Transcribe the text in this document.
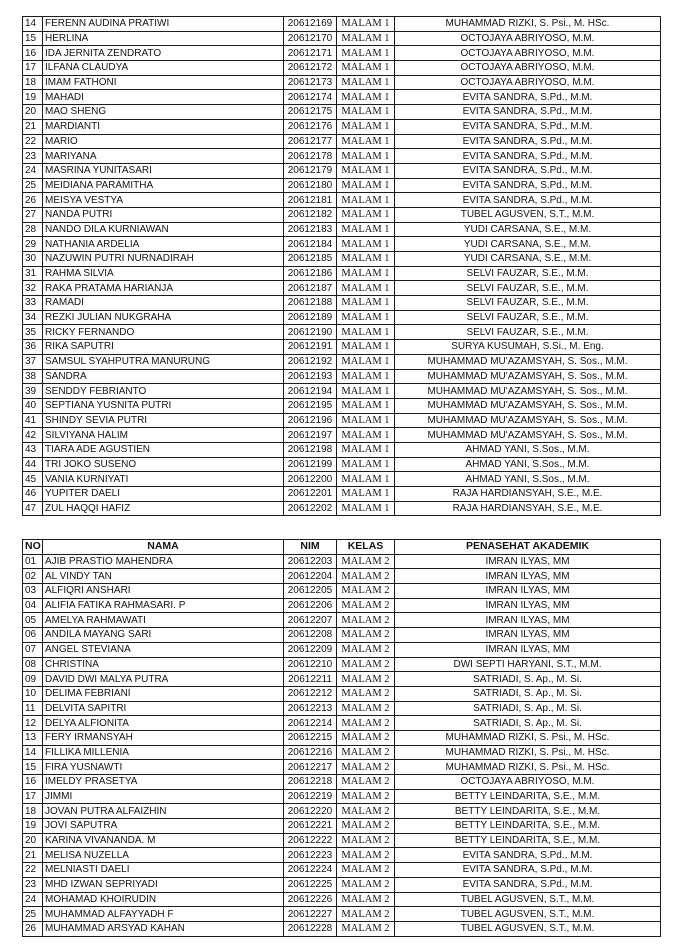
14	FERENN AUDINA PRATIWI	20612169	MALAM 1	MUHAMMAD RIZKI, S. Psi., M. HSc.
15	HERLINA	20612170	MALAM 1	OCTOJAYA ABRIYOSO, M.M.
16	IDA JERNITA ZENDRATO	20612171	MALAM 1	OCTOJAYA ABRIYOSO, M.M.
17	ILFANA CLAUDYA	20612172	MALAM 1	OCTOJAYA ABRIYOSO, M.M.
18	IMAM FATHONI	20612173	MALAM 1	OCTOJAYA ABRIYOSO, M.M.
19	MAHADI	20612174	MALAM 1	EVITA SANDRA, S.Pd., M.M.
20	MAO SHENG	20612175	MALAM 1	EVITA SANDRA, S.Pd., M.M.
21	MARDIANTI	20612176	MALAM 1	EVITA SANDRA, S.Pd., M.M.
22	MARIO	20612177	MALAM 1	EVITA SANDRA, S.Pd., M.M.
23	MARIYANA	20612178	MALAM 1	EVITA SANDRA, S.Pd., M.M.
24	MASRINA YUNITASARI	20612179	MALAM 1	EVITA SANDRA, S.Pd., M.M.
25	MEIDIANA PARAMITHA	20612180	MALAM 1	EVITA SANDRA, S.Pd., M.M.
26	MEISYA VESTYA	20612181	MALAM 1	EVITA SANDRA, S.Pd., M.M.
27	NANDA PUTRI	20612182	MALAM 1	TUBEL AGUSVEN, S.T., M.M.
28	NANDO DILA KURNIAWAN	20612183	MALAM 1	YUDI CARSANA, S.E., M.M.
29	NATHANIA ARDELIA	20612184	MALAM 1	YUDI CARSANA, S.E., M.M.
30	NAZUWIN PUTRI NURNADIRAH	20612185	MALAM 1	YUDI CARSANA, S.E., M.M.
31	RAHMA SILVIA	20612186	MALAM 1	SELVI FAUZAR, S.E., M.M.
32	RAKA PRATAMA HARIANJA	20612187	MALAM 1	SELVI FAUZAR, S.E., M.M.
33	RAMADI	20612188	MALAM 1	SELVI FAUZAR, S.E., M.M.
34	REZKI JULIAN NUKGRAHA	20612189	MALAM 1	SELVI FAUZAR, S.E., M.M.
35	RICKY FERNANDO	20612190	MALAM 1	SELVI FAUZAR, S.E., M.M.
36	RIKA SAPUTRI	20612191	MALAM 1	SURYA KUSUMAH, S.Si., M. Eng.
37	SAMSUL SYAHPUTRA MANURUNG	20612192	MALAM 1	MUHAMMAD MU'AZAMSYAH, S. Sos., M.M.
38	SANDRA	20612193	MALAM 1	MUHAMMAD MU'AZAMSYAH, S. Sos., M.M.
39	SENDDY FEBRIANTO	20612194	MALAM 1	MUHAMMAD MU'AZAMSYAH, S. Sos., M.M.
40	SEPTIANA YUSNITA PUTRI	20612195	MALAM 1	MUHAMMAD MU'AZAMSYAH, S. Sos., M.M.
41	SHINDY SEVIA PUTRI	20612196	MALAM 1	MUHAMMAD MU'AZAMSYAH, S. Sos., M.M.
42	SILVIYANA HALIM	20612197	MALAM 1	MUHAMMAD MU'AZAMSYAH, S. Sos., M.M.
43	TIARA ADE AGUSTIEN	20612198	MALAM 1	AHMAD YANI, S.Sos., M.M.
44	TRI JOKO SUSENO	20612199	MALAM 1	AHMAD YANI, S.Sos., M.M.
45	VANIA KURNIYATI	20612200	MALAM 1	AHMAD YANI, S.Sos., M.M.
46	YUPITER DAELI	20612201	MALAM 1	RAJA HARDIANSYAH, S.E., M.E.
47	ZUL HAQQI HAFIZ	20612202	MALAM 1	RAJA HARDIANSYAH, S.E., M.E.
NO	NAMA	NIM	KELAS	PENASEHAT AKADEMIK
01	AJIB PRASTIO MAHENDRA	20612203	MALAM 2	IMRAN ILYAS, MM
02	AL VINDY TAN	20612204	MALAM 2	IMRAN ILYAS, MM
03	ALFIQRI ANSHARI	20612205	MALAM 2	IMRAN ILYAS, MM
04	ALIFIA FATIKA RAHMASARI. P	20612206	MALAM 2	IMRAN ILYAS, MM
05	AMELYA RAHMAWATI	20612207	MALAM 2	IMRAN ILYAS, MM
06	ANDILA MAYANG SARI	20612208	MALAM 2	IMRAN ILYAS, MM
07	ANGEL STEVIANA	20612209	MALAM 2	IMRAN ILYAS, MM
08	CHRISTINA	20612210	MALAM 2	DWI SEPTI HARYANI, S.T., M.M.
09	DAVID DWI MALYA PUTRA	20612211	MALAM 2	SATRIADI, S. Ap., M. Si.
10	DELIMA FEBRIANI	20612212	MALAM 2	SATRIADI, S. Ap., M. Si.
11	DELVITA SAPITRI	20612213	MALAM 2	SATRIADI, S. Ap., M. Si.
12	DELYA ALFIONITA	20612214	MALAM 2	SATRIADI, S. Ap., M. Si.
13	FERY IRMANSYAH	20612215	MALAM 2	MUHAMMAD RIZKI, S. Psi., M. HSc.
14	FILLIKA MILLENIA	20612216	MALAM 2	MUHAMMAD RIZKI, S. Psi., M. HSc.
15	FIRA YUSNAWTI	20612217	MALAM 2	MUHAMMAD RIZKI, S. Psi., M. HSc.
16	IMELDY PRASETYA	20612218	MALAM 2	OCTOJAYA ABRIYOSO, M.M.
17	JIMMI	20612219	MALAM 2	BETTY LEINDARITA, S.E., M.M.
18	JOVAN PUTRA ALFAIZHIN	20612220	MALAM 2	BETTY LEINDARITA, S.E., M.M.
19	JOVI SAPUTRA	20612221	MALAM 2	BETTY LEINDARITA, S.E., M.M.
20	KARINA VIVANANDA. M	20612222	MALAM 2	BETTY LEINDARITA, S.E., M.M.
21	MELISA NUZELLA	20612223	MALAM 2	EVITA SANDRA, S.Pd., M.M.
22	MELNIASTI DAELI	20612224	MALAM 2	EVITA SANDRA, S.Pd., M.M.
23	MHD IZWAN SEPRIYADI	20612225	MALAM 2	EVITA SANDRA, S.Pd., M.M.
24	MOHAMAD KHOIRUDIN	20612226	MALAM 2	TUBEL AGUSVEN, S.T., M.M.
25	MUHAMMAD ALFAYYADH F	20612227	MALAM 2	TUBEL AGUSVEN, S.T., M.M.
26	MUHAMMAD ARSYAD KAHAN	20612228	MALAM 2	TUBEL AGUSVEN, S.T., M.M.
